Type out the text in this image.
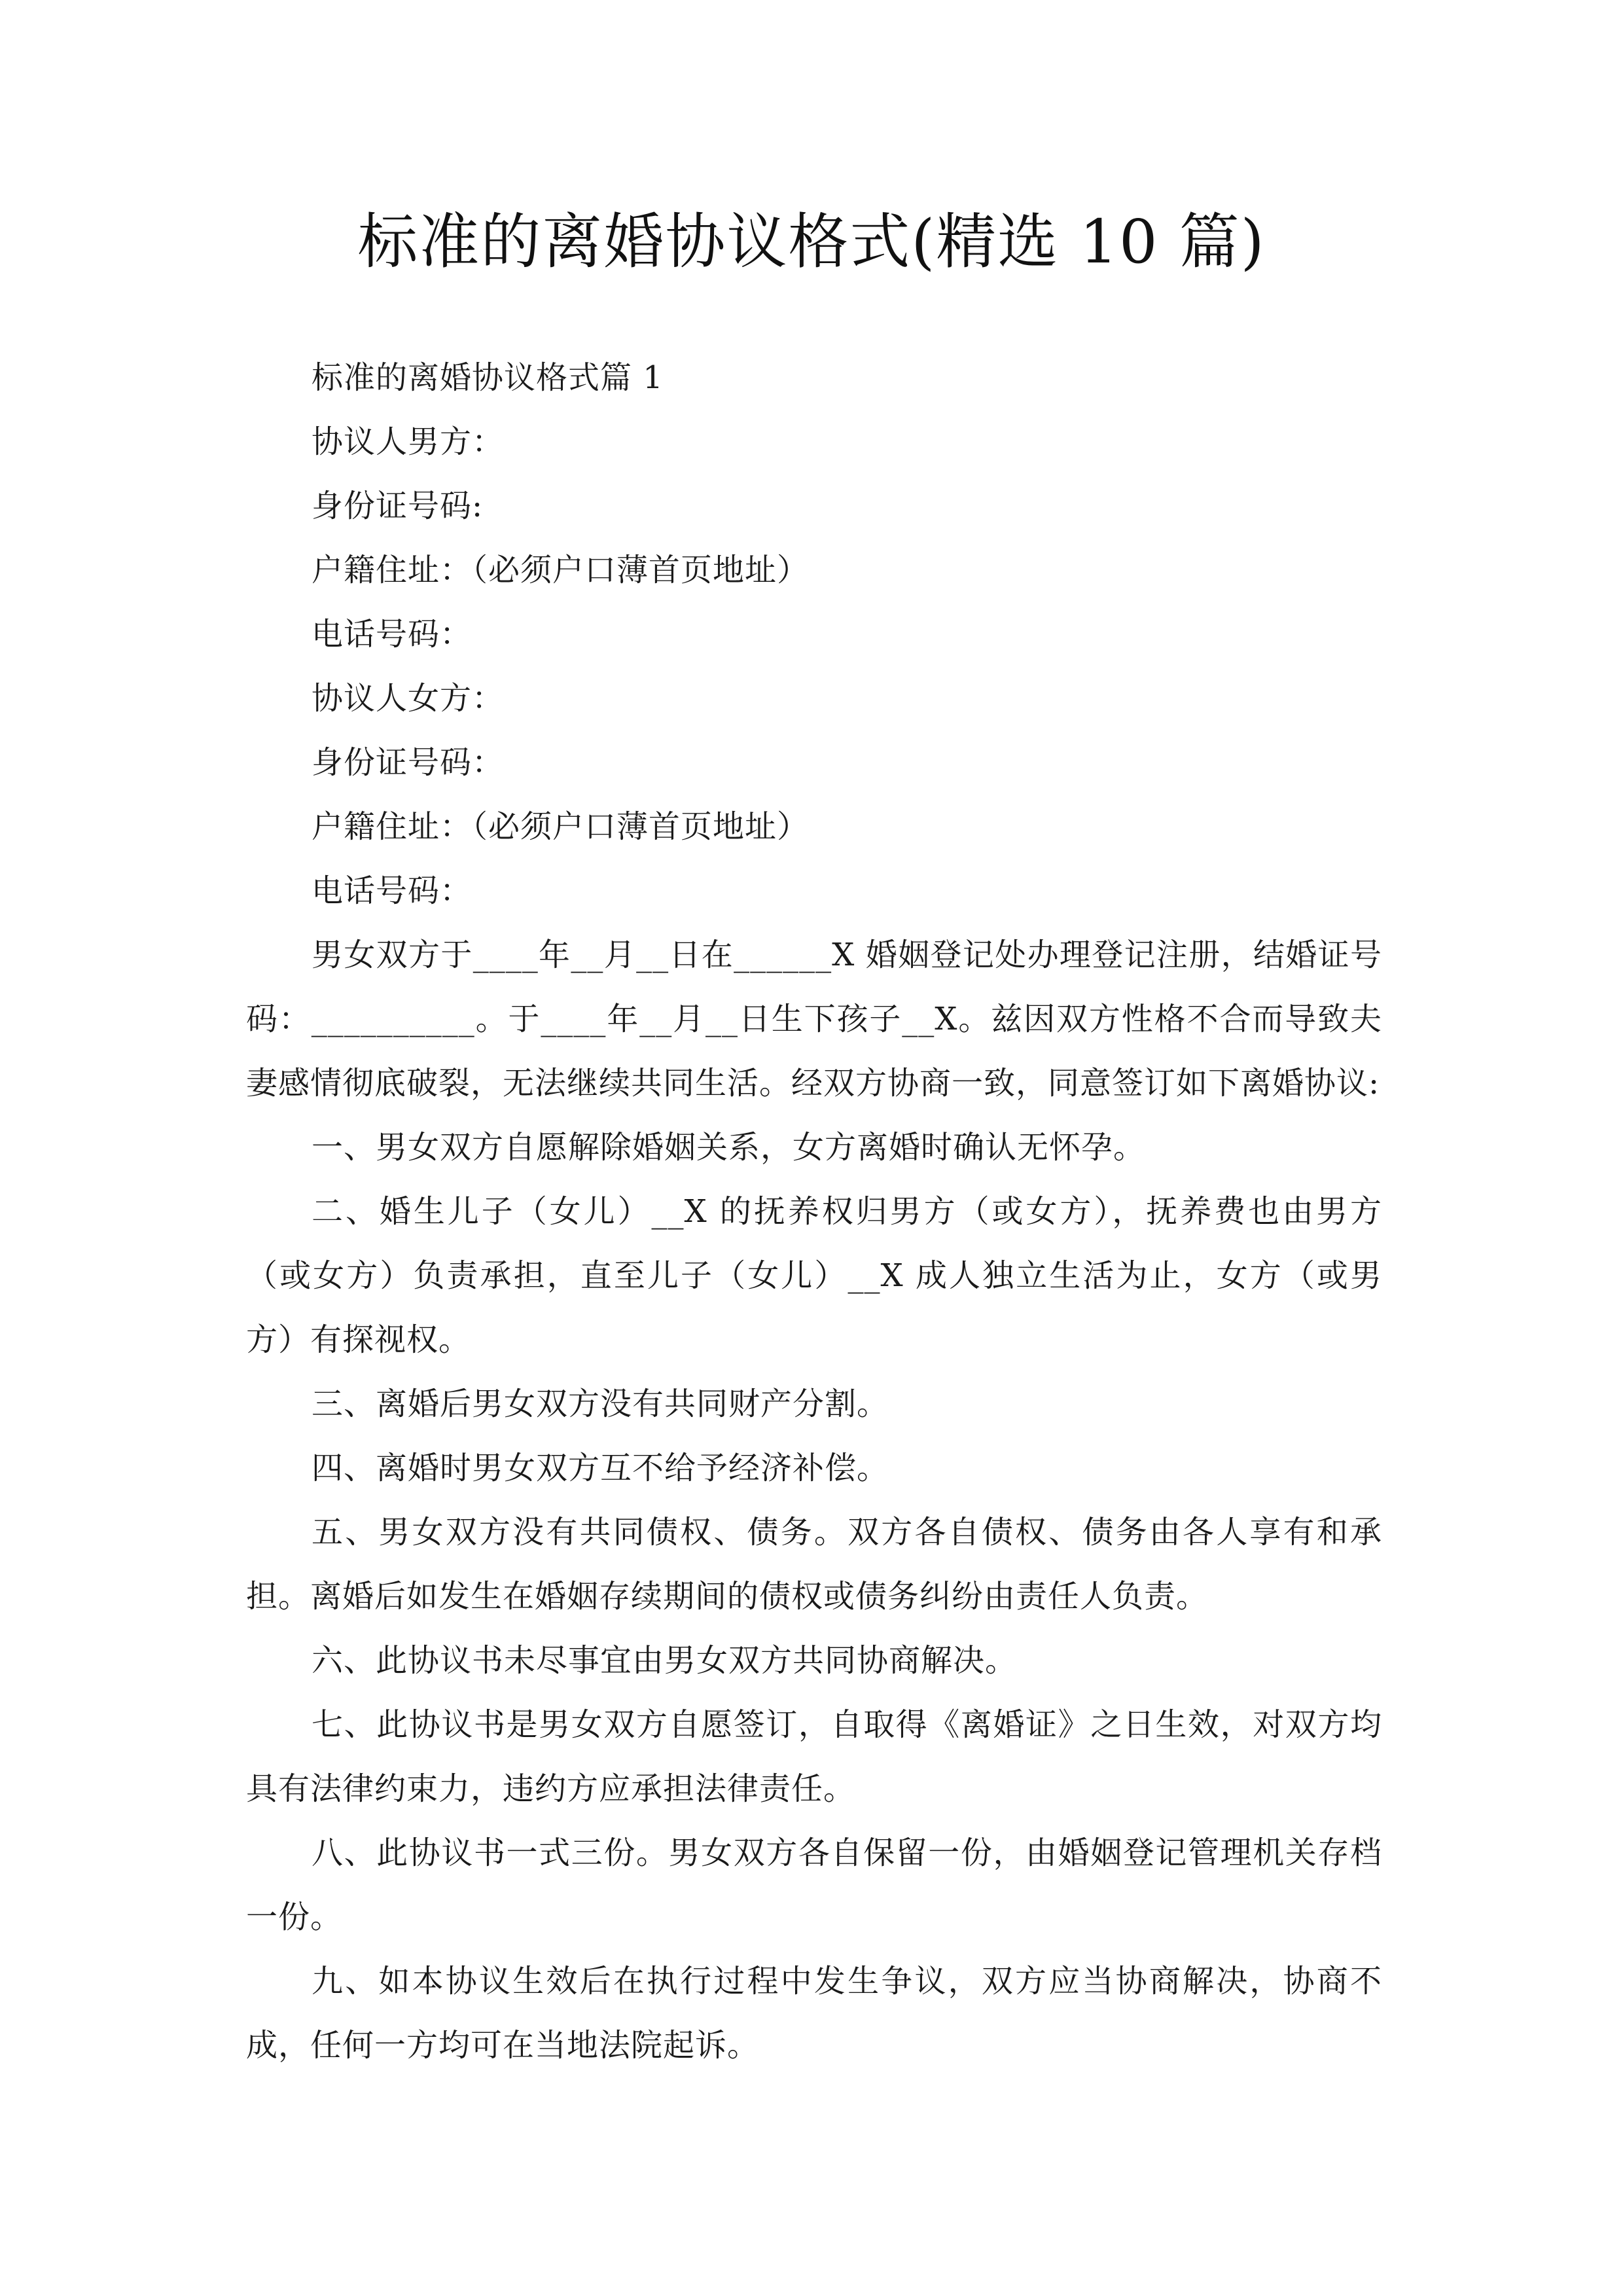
标准的离婚协议格式(精选 10 篇)

标准的离婚协议格式篇 1

协议人男方：

身份证号码:

户籍住址：（必须户口薄首页地址）

电话号码：

协议人女方：

身份证号码：

户籍住址：（必须户口薄首页地址）

电话号码：

男女双方于____年__月__日在______X 婚姻登记处办理登记注册，结婚证号码：__________。于____年__月__日生下孩子__X。兹因双方性格不合而导致夫妻感情彻底破裂，无法继续共同生活。经双方协商一致，同意签订如下离婚协议:

一、男女双方自愿解除婚姻关系，女方离婚时确认无怀孕。

二、婚生儿子（女儿）__X 的抚养权归男方（或女方），抚养费也由男方（或女方）负责承担，直至儿子（女儿）__X 成人独立生活为止，女方（或男方）有探视权。

三、离婚后男女双方没有共同财产分割。

四、离婚时男女双方互不给予经济补偿。

五、男女双方没有共同债权、债务。双方各自债权、债务由各人享有和承担。离婚后如发生在婚姻存续期间的债权或债务纠纷由责任人负责。

六、此协议书未尽事宜由男女双方共同协商解决。

七、此协议书是男女双方自愿签订，自取得《离婚证》之日生效，对双方均具有法律约束力，违约方应承担法律责任。

八、此协议书一式三份。男女双方各自保留一份，由婚姻登记管理机关存档一份。

九、如本协议生效后在执行过程中发生争议，双方应当协商解决，协商不成，任何一方均可在当地法院起诉。
